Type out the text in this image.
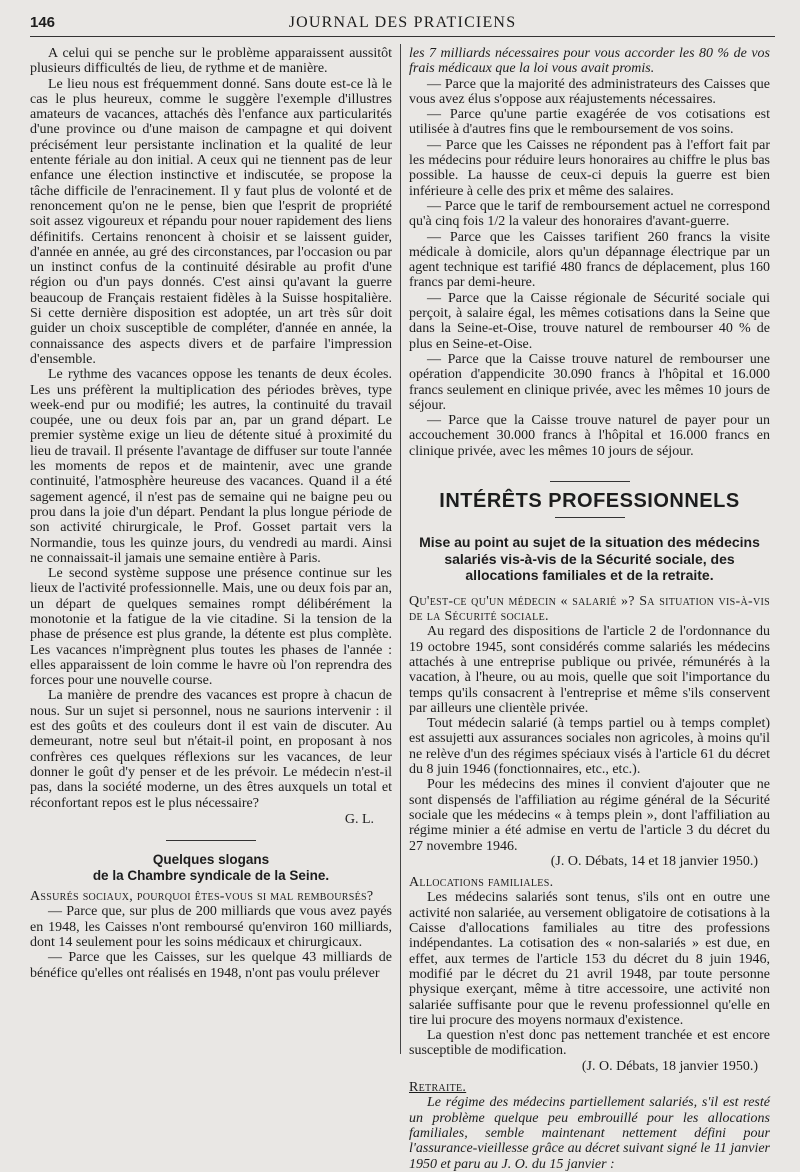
146	JOURNAL DES PRATICIENS

A celui qui se penche sur le problème apparaissent aussitôt plusieurs difficultés de lieu, de rythme et de manière.

Le lieu nous est fréquemment donné. Sans doute est-ce là le cas le plus heureux, comme le suggère l'exemple d'illustres amateurs de vacances, attachés dès l'enfance aux particularités d'une province ou d'une maison de campagne et qui doivent précisément leur persistante inclination et la qualité de leur entente fériale au don initial. A ceux qui ne tiennent pas de leur enfance une élection instinctive et indiscutée, se propose la tâche difficile de l'enracinement. Il y faut plus de volonté et de renoncement qu'on ne le pense, bien que l'esprit de propriété soit assez vigoureux et répandu pour nouer rapidement des liens définitifs. Certains renoncent à choisir et se laissent guider, d'année en année, au gré des circonstances, par l'occasion ou par un instinct confus de la continuité désirable au profit d'une région ou d'un pays donnés. C'est ainsi qu'avant la guerre beaucoup de Français restaient fidèles à la Suisse hospitalière. Si cette dernière disposition est adoptée, un art très sûr doit guider un choix susceptible de compléter, d'année en année, la connaissance des aspects divers et de parfaire l'impression d'ensemble.

Le rythme des vacances oppose les tenants de deux écoles. Les uns préfèrent la multiplication des périodes brèves, type week-end pur ou modifié; les autres, la continuité du travail coupée, une ou deux fois par an, par un grand départ. Le premier système exige un lieu de détente situé à proximité du lieu de travail. Il présente l'avantage de diffuser sur toute l'année les moments de repos et de maintenir, avec une grande continuité, l'atmosphère heureuse des vacances. Quand il a été sagement agencé, il n'est pas de semaine qui ne baigne peu ou prou dans la joie d'un départ. Pendant la plus longue période de son activité chirurgicale, le Prof. Gosset partait vers la Normandie, tous les quinze jours, du vendredi au mardi. Ainsi ne connaissait-il jamais une semaine entière à Paris.

Le second système suppose une présence continue sur les lieux de l'activité professionnelle. Mais, une ou deux fois par an, un départ de quelques semaines rompt délibérément la monotonie et la fatigue de la vie citadine. Si la tension de la phase de présence est plus grande, la détente est plus complète. Les vacances n'imprègnent plus toutes les phases de l'année : elles apparaissent de loin comme le havre où l'on reprendra des forces pour une nouvelle course.

La manière de prendre des vacances est propre à chacun de nous. Sur un sujet si personnel, nous ne saurions intervenir : il est des goûts et des couleurs dont il est vain de discuter. Au demeurant, notre seul but n'était-il point, en proposant à nos confrères ces quelques réflexions sur les vacances, de leur donner le goût d'y penser et de les prévoir. Le médecin n'est-il pas, dans la société moderne, un des êtres auxquels un total et réconfortant repos est le plus nécessaire?

G. L.
Quelques slogans
de la Chambre syndicale de la Seine.

Assurés sociaux, pourquoi êtes-vous si mal remboursés?

— Parce que, sur plus de 200 milliards que vous avez payés en 1948, les Caisses n'ont remboursé qu'environ 160 milliards, dont 14 seulement pour les soins médicaux et chirurgicaux.

— Parce que les Caisses, sur les quelque 43 milliards de bénéfice qu'elles ont réalisés en 1948, n'ont pas voulu prélever

les 7 milliards nécessaires pour vous accorder les 80 % de vos frais médicaux que la loi vous avait promis.

— Parce que la majorité des administrateurs des Caisses que vous avez élus s'oppose aux réajustements nécessaires.

— Parce qu'une partie exagérée de vos cotisations est utilisée à d'autres fins que le remboursement de vos soins.

— Parce que les Caisses ne répondent pas à l'effort fait par les médecins pour réduire leurs honoraires au chiffre le plus bas possible. La hausse de ceux-ci depuis la guerre est bien inférieure à celle des prix et même des salaires.

— Parce que le tarif de remboursement actuel ne correspond qu'à cinq fois 1/2 la valeur des honoraires d'avant-guerre.

— Parce que les Caisses tarifient 260 francs la visite médicale à domicile, alors qu'un dépannage électrique par un agent technique est tarifié 480 francs de déplacement, plus 160 francs par demi-heure.

— Parce que la Caisse régionale de Sécurité sociale qui perçoit, à salaire égal, les mêmes cotisations dans la Seine que dans la Seine-et-Oise, trouve naturel de rembourser 40 % de plus en Seine-et-Oise.

— Parce que la Caisse trouve naturel de rembourser une opération d'appendicite 30.090 francs à l'hôpital et 16.000 francs seulement en clinique privée, avec les mêmes 10 jours de séjour.

— Parce que la Caisse trouve naturel de payer pour un accouchement 30.000 francs à l'hôpital et 16.000 francs en clinique privée, avec les mêmes 10 jours de séjour.

INTÉRÊTS PROFESSIONNELS
Mise au point au sujet de la situation des médecins salariés vis-à-vis de la Sécurité sociale, des allocations familiales et de la retraite.

Qu'est-ce qu'un médecin « salarié »? Sa situation vis-à-vis de la Sécurité sociale.

Au regard des dispositions de l'article 2 de l'ordonnance du 19 octobre 1945, sont considérés comme salariés les médecins attachés à une entreprise publique ou privée, rémunérés à la vacation, à l'heure, ou au mois, quelle que soit l'importance du temps qu'ils consacrent à l'entreprise et même s'ils conservent par ailleurs une clientèle privée.

Tout médecin salarié (à temps partiel ou à temps complet) est assujetti aux assurances sociales non agricoles, à moins qu'il ne relève d'un des régimes spéciaux visés à l'article 61 du décret du 8 juin 1946 (fonctionnaires, etc., etc.).

Pour les médecins des mines il convient d'ajouter que ne sont dispensés de l'affiliation au régime général de la Sécurité sociale que les médecins « à temps plein », dont l'affiliation au régime minier a été admise en vertu de l'article 3 du décret du 27 novembre 1946.

(J. O. Débats, 14 et 18 janvier 1950.)

Allocations familiales.

Les médecins salariés sont tenus, s'ils ont en outre une activité non salariée, au versement obligatoire de cotisations à la Caisse d'allocations familiales au titre des professions indépendantes. La cotisation des « non-salariés » est due, en effet, aux termes de l'article 153 du décret du 8 juin 1946, modifié par le décret du 21 avril 1948, par toute personne physique exerçant, même à titre accessoire, une activité non salariée suffisante pour que le revenu professionnel qu'elle en tire lui procure des moyens normaux d'existence.

La question n'est donc pas nettement tranchée et est encore susceptible de modification.

(J. O. Débats, 18 janvier 1950.)

Retraite.

Le régime des médecins partiellement salariés, s'il est resté un problème quelque peu embrouillé pour les allocations familiales, semble maintenant nettement défini pour l'assurance-vieillesse grâce au décret suivant signé le 11 janvier 1950 et paru au J. O. du 15 janvier :
